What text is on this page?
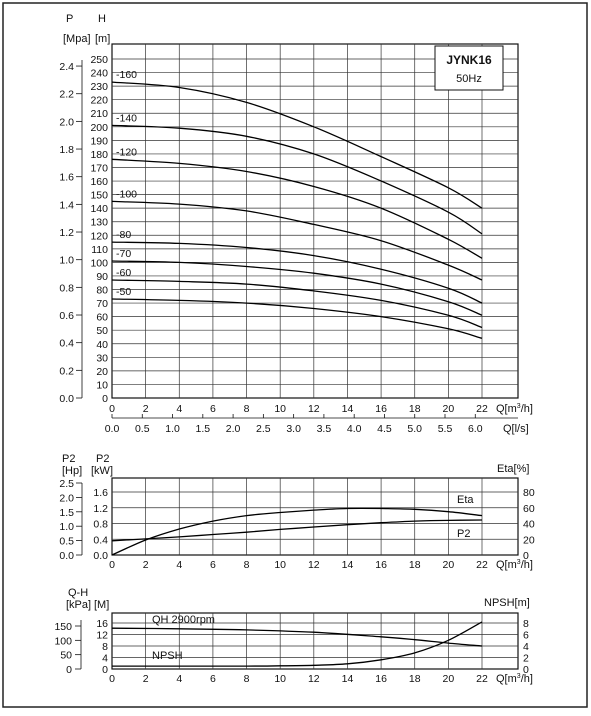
-160
-140
-120
-100
-80
-70
-60
-50
0
10
20
30
40
50
60
70
80
90
100
110
120
130
140
150
160
170
180
190
200
210
220
230
240
250
0.0
0.2
0.4
0.6
0.8
1.0
1.2
1.4
1.6
1.8
2.0
2.2
2.4
0	2	4	6	8 10 12 14 16 18 20 22
0.0 0.5 1.0 1.5 2.0 2.5 3.0 3.5 4.0 4.5 5.0 5.5 6.0
P
[Mpa]
H
[m]
$Q[m^3/h]$
Q[l/s]
JYNK16
50Hz
0.0
0.4
0.8
1.2
1.6
0.0
0.5
1.0
1.5
2.0
2.5
0
20
40
60
80
0	2	4	6	8 10 12 14 16 18 20 22
P2
[Hp]
P2
[kW]	Eta[%]
$Q[m^3/h]$
Eta
P2
0
4
8
12
16
0
50
100
150
0
2
4
6
8
0	2	4	6	8 10 12 14 16 18 20 22
Q-H
[kPa] [M]	NPSH[m]
$Q[m^3/h]$
QH 2900rpm
NPSH
